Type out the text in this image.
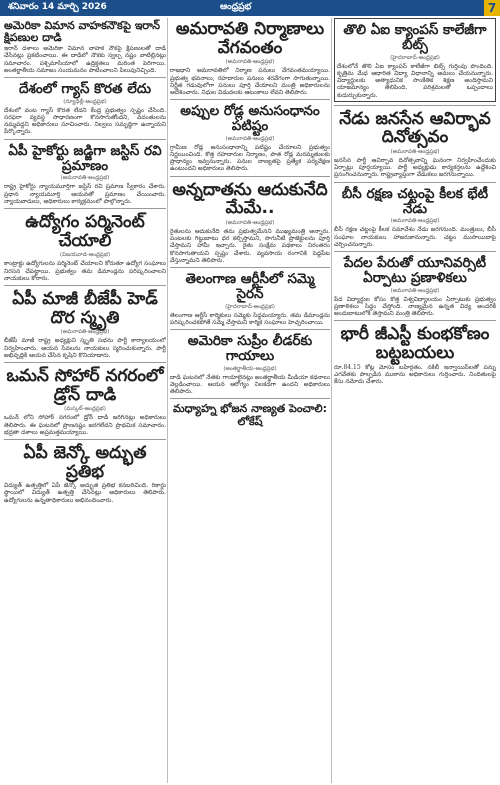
శనివారం 14 మార్చి 2026	ఆంధ్రప్రభ	7
అమెరికా విమాన వాహకనౌకపై ఇరాన్ క్షిపణుల దాడి

ఇరాన్ దళాలు అమెరికా విమాన వాహక నౌకపై క్షిపణులతో దాడి చేసినట్లు ప్రకటించాయి. ఈ దాడిలో నౌకకు స్వల్ప నష్టం వాటిల్లినట్లు సమాచారం. పశ్చిమాసియాలో ఉద్రిక్తతలు మరింత పెరిగాయి. అంతర్జాతీయ సమాజం సంయమనం పాటించాలని పిలుపునిచ్చింది.

దేశంలో గ్యాస్ కొరత లేదు
(న్యూఢిల్లీ-ఆంధ్రప్రభ)

దేశంలో వంట గ్యాస్ కొరత లేదని కేంద్ర ప్రభుత్వం స్పష్టం చేసింది. సరఫరా వ్యవస్థ సాధారణంగా కొనసాగుతోందని, వదంతులను నమ్మవద్దని అధికారులు సూచించారు. నిల్వలు సమృద్ధిగా ఉన్నాయని పేర్కొన్నారు.

ఏపీ హైకోర్టు జడ్జిగా జస్టిస్ రవి ప్రమాణం
(అమరావతి-ఆంధ్రప్రభ)

రాష్ట్ర హైకోర్టు న్యాయమూర్తిగా జస్టిస్ రవి ప్రమాణ స్వీకారం చేశారు. ప్రధాన న్యాయమూర్తి ఆయనతో ప్రమాణం చేయించారు. న్యాయవాదులు, అధికారులు కార్యక్రమంలో పాల్గొన్నారు.

ఉద్యోగం పర్మినెంట్ చేయాలి
(విజయవాడ-ఆంధ్రప్రభ)

కాంట్రాక్టు ఉద్యోగులను పర్మినెంట్ చేయాలని కోరుతూ ఉద్యోగ సంఘాలు నిరసన చేపట్టాయి. ప్రభుత్వం తమ డిమాండ్లను పరిష్కరించాలని నాయకులు కోరారు.

ఏపీ మాజీ బీజేపీ హెడ్ దొర స్మృతి
(అమరావతి-ఆంధ్రప్రభ)

బీజేపీ మాజీ రాష్ట్ర అధ్యక్షుని స్మృతి సభను పార్టీ కార్యాలయంలో నిర్వహించారు. ఆయన సేవలను నాయకులు స్మరించుకున్నారు. పార్టీ అభివృద్ధికి ఆయన చేసిన కృషిని కొనియాడారు.

ఒమన్ సోహార్ నగరంలో డ్రోన్ దాడి
(మస్కట్-ఆంధ్రప్రభ)

ఒమన్ లోని సోహార్ నగరంలో డ్రోన్ దాడి జరిగినట్లు అధికారులు తెలిపారు. ఈ ఘటనలో ప్రాణనష్టం జరగలేదని ప్రాథమిక సమాచారం. భద్రతా దళాలు అప్రమత్తమయ్యాయి.

ఏపీ జెన్కో అద్భుత ప్రతిభ

విద్యుత్ ఉత్పత్తిలో ఏపీ జెన్కో అద్భుత ప్రతిభ కనబరిచింది. రికార్డు స్థాయిలో విద్యుత్ ఉత్పత్తి చేసినట్లు అధికారులు తెలిపారు. ఉద్యోగులను ఉన్నతాధికారులు అభినందించారు.

అమరావతి నిర్మాణాలు వేగవంతం
(అమరావతి-ఆంధ్రప్రభ)

రాజధాని అమరావతిలో నిర్మాణ పనులు వేగవంతమయ్యాయి. ప్రభుత్వ భవనాలు, రహదారుల పనులు శరవేగంగా సాగుతున్నాయి. నిర్ణీత గడువులోగా పనులు పూర్తి చేయాలని మంత్రి అధికారులను ఆదేశించారు. నిధుల విడుదలకు ఆటంకాలు లేవని తెలిపారు.

అప్పుల రోడ్ల అనుసంధానం పటిష్టం
(అమరావతి-ఆంధ్రప్రభ)

గ్రామీణ రోడ్ల అనుసంధానాన్ని పటిష్టం చేయాలని ప్రభుత్వం నిర్ణయించింది. కొత్త రహదారుల నిర్మాణం, పాత రోడ్ల మరమ్మతులకు ప్రాధాన్యం ఇవ్వనున్నారు. పనుల నాణ్యతపై ప్రత్యేక పర్యవేక్షణ ఉంటుందని అధికారులు తెలిపారు.

అన్నదాతను ఆదుకునేది మేమే..
(అమరావతి-ఆంధ్రప్రభ)

రైతులను ఆదుకునేది తమ ప్రభుత్వమేనని ముఖ్యమంత్రి అన్నారు. పంటలకు గిట్టుబాటు ధర కల్పిస్తామని, సాగునీటి ప్రాజెక్టులను పూర్తి చేస్తామని హామీ ఇచ్చారు. రైతు సంక్షేమ పథకాలు నిరంతరం కొనసాగుతాయని స్పష్టం చేశారు. వ్యవసాయ రంగానికి పెద్దపీట వేస్తున్నామని తెలిపారు.

తెలంగాణ ఆర్టీసీలో సమ్మె సైరన్
(హైదరాబాద్-ఆంధ్రప్రభ)

తెలంగాణ ఆర్టీసీ కార్మికులు సమ్మెకు సిద్ధమయ్యారు. తమ డిమాండ్లను పరిష్కరించకపోతే సమ్మె చేస్తామని కార్మిక సంఘాలు హెచ్చరించాయి.

అమెరికా సుప్రీం లీడర్‌కు గాయాలు
(అంతర్జాతీయ-ఆంధ్రప్రభ)

దాడి ఘటనలో నేతకు గాయాలైనట్లు అంతర్జాతీయ మీడియా కథనాలు వెల్లడించాయి. ఆయన ఆరోగ్యం నిలకడగా ఉందని అధికారులు తెలిపారు.

మధ్యాహ్న భోజన నాణ్యత పెంచాలి: లోకేష్
తొలి ఏఐ క్యాంపస్ కాలేజీగా బిట్స్
(హైదరాబాద్-ఆంధ్రప్రభ)

దేశంలోనే తొలి ఏఐ క్యాంపస్ కాలేజీగా బిట్స్ గుర్తింపు పొందింది. కృత్రిమ మేధ ఆధారిత విద్యా విధానాన్ని అమలు చేయనున్నారు. విద్యార్థులకు అత్యాధునిక సాంకేతిక శిక్షణ అందిస్తామని యాజమాన్యం తెలిపింది. పరిశ్రమలతో ఒప్పందాలు కుదుర్చుకున్నారు.

నేడు జనసేన ఆవిర్భావ దినోత్సవం
(అమరావతి-ఆంధ్రప్రభ)

జనసేన పార్టీ ఆవిర్భావ దినోత్సవాన్ని ఘనంగా నిర్వహించేందుకు ఏర్పాట్లు పూర్తయ్యాయి. పార్టీ అధ్యక్షుడు కార్యకర్తలను ఉద్దేశించి ప్రసంగించనున్నారు. రాష్ట్రవ్యాప్తంగా వేడుకలు జరగనున్నాయి.

బీసీ రక్షణ చట్టంపై కీలక భేటీ నేడు
(అమరావతి-ఆంధ్రప్రభ)

బీసీ రక్షణ చట్టంపై కీలక సమావేశం నేడు జరగనుంది. మంత్రులు, బీసీ సంఘాల నాయకులు హాజరుకానున్నారు. చట్టం ముసాయిదాపై చర్చించనున్నారు.

పేదల పేరుతో యూనివర్సిటీ ఏర్పాటు ప్రణాళికలు
(అమరావతి-ఆంధ్రప్రభ)

పేద విద్యార్థుల కోసం కొత్త విశ్వవిద్యాలయం ఏర్పాటుకు ప్రభుత్వం ప్రణాళికలు సిద్ధం చేస్తోంది. నాణ్యమైన ఉన్నత విద్య అందరికీ అందుబాటులోకి తెస్తామని మంత్రి తెలిపారు.

భారీ జీఎస్టీ కుంభకోణం బట్టబయలు

రూ.84.15 కోట్ల మోసం బహిర్గతం. నకిలీ ఇన్వాయిస్‌లతో పన్ను ఎగవేతకు పాల్పడిన ముఠాను అధికారులు గుర్తించారు. నిందితులపై కేసు నమోదు చేశారు.
